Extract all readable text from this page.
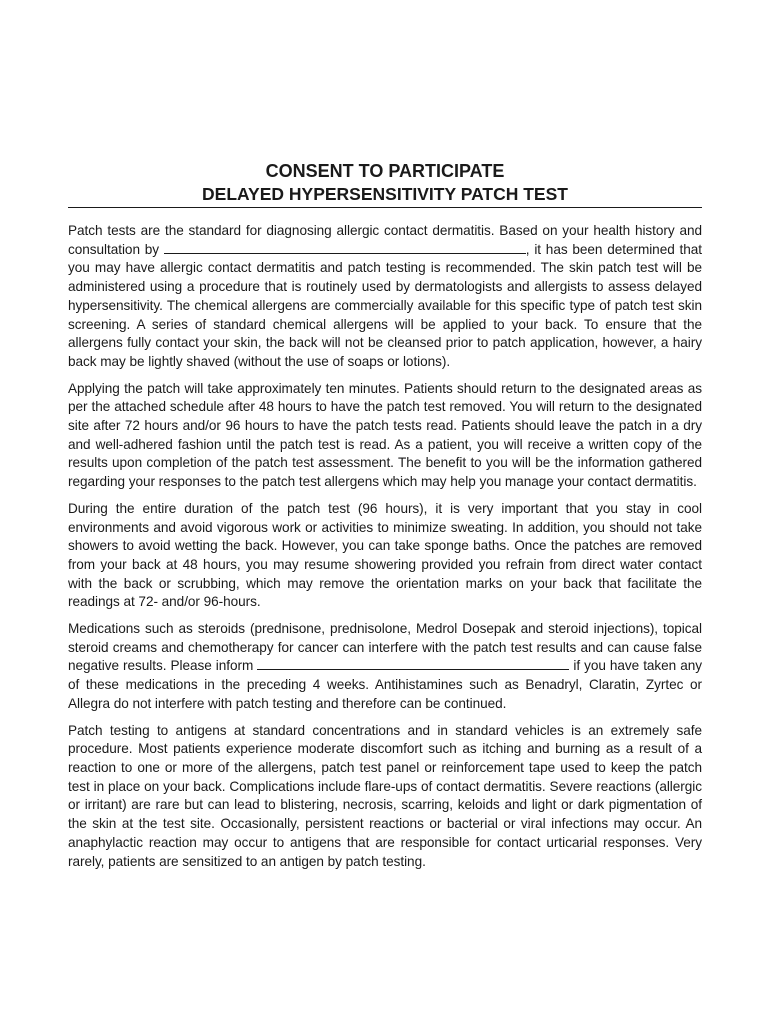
CONSENT TO PARTICIPATE
DELAYED HYPERSENSITIVITY PATCH TEST

Patch tests are the standard for diagnosing allergic contact dermatitis. Based on your health history and consultation by	, it has been determined that you may have allergic contact dermatitis and patch testing is recommended. The skin patch test will be administered using a procedure that is routinely used by dermatologists and allergists to assess delayed hypersensitivity. The chemical allergens are commercially available for this specific type of patch test skin screening. A series of standard chemical allergens will be applied to your back. To ensure that the allergens fully contact your skin, the back will not be cleansed prior to patch application, however, a hairy back may be lightly shaved (without the use of soaps or lotions).

Applying the patch will take approximately ten minutes. Patients should return to the designated areas as per the attached schedule after 48 hours to have the patch test removed. You will return to the designated site after 72 hours and/or 96 hours to have the patch tests read. Patients should leave the patch in a dry and well-adhered fashion until the patch test is read. As a patient, you will receive a written copy of the results upon completion of the patch test assessment. The benefit to you will be the information gathered regarding your responses to the patch test allergens which may help you manage your contact dermatitis.

During the entire duration of the patch test (96 hours), it is very important that you stay in cool environments and avoid vigorous work or activities to minimize sweating. In addition, you should not take showers to avoid wetting the back. However, you can take sponge baths. Once the patches are removed from your back at 48 hours, you may resume showering provided you refrain from direct water contact with the back or scrubbing, which may remove the orientation marks on your back that facilitate the readings at 72- and/or 96-hours.

Medications such as steroids (prednisone, prednisolone, Medrol Dosepak and steroid injections), topical steroid creams and chemotherapy for cancer can interfere with the patch test results and can cause false negative results. Please inform	if you have taken any of these medications in the preceding 4 weeks. Antihistamines such as Benadryl, Claratin, Zyrtec or Allegra do not interfere with patch testing and therefore can be continued.

Patch testing to antigens at standard concentrations and in standard vehicles is an extremely safe procedure. Most patients experience moderate discomfort such as itching and burning as a result of a reaction to one or more of the allergens, patch test panel or reinforcement tape used to keep the patch test in place on your back. Complications include flare-ups of contact dermatitis. Severe reactions (allergic or irritant) are rare but can lead to blistering, necrosis, scarring, keloids and light or dark pigmentation of the skin at the test site. Occasionally, persistent reactions or bacterial or viral infections may occur. An anaphylactic reaction may occur to antigens that are responsible for contact urticarial responses. Very rarely, patients are sensitized to an antigen by patch testing.
